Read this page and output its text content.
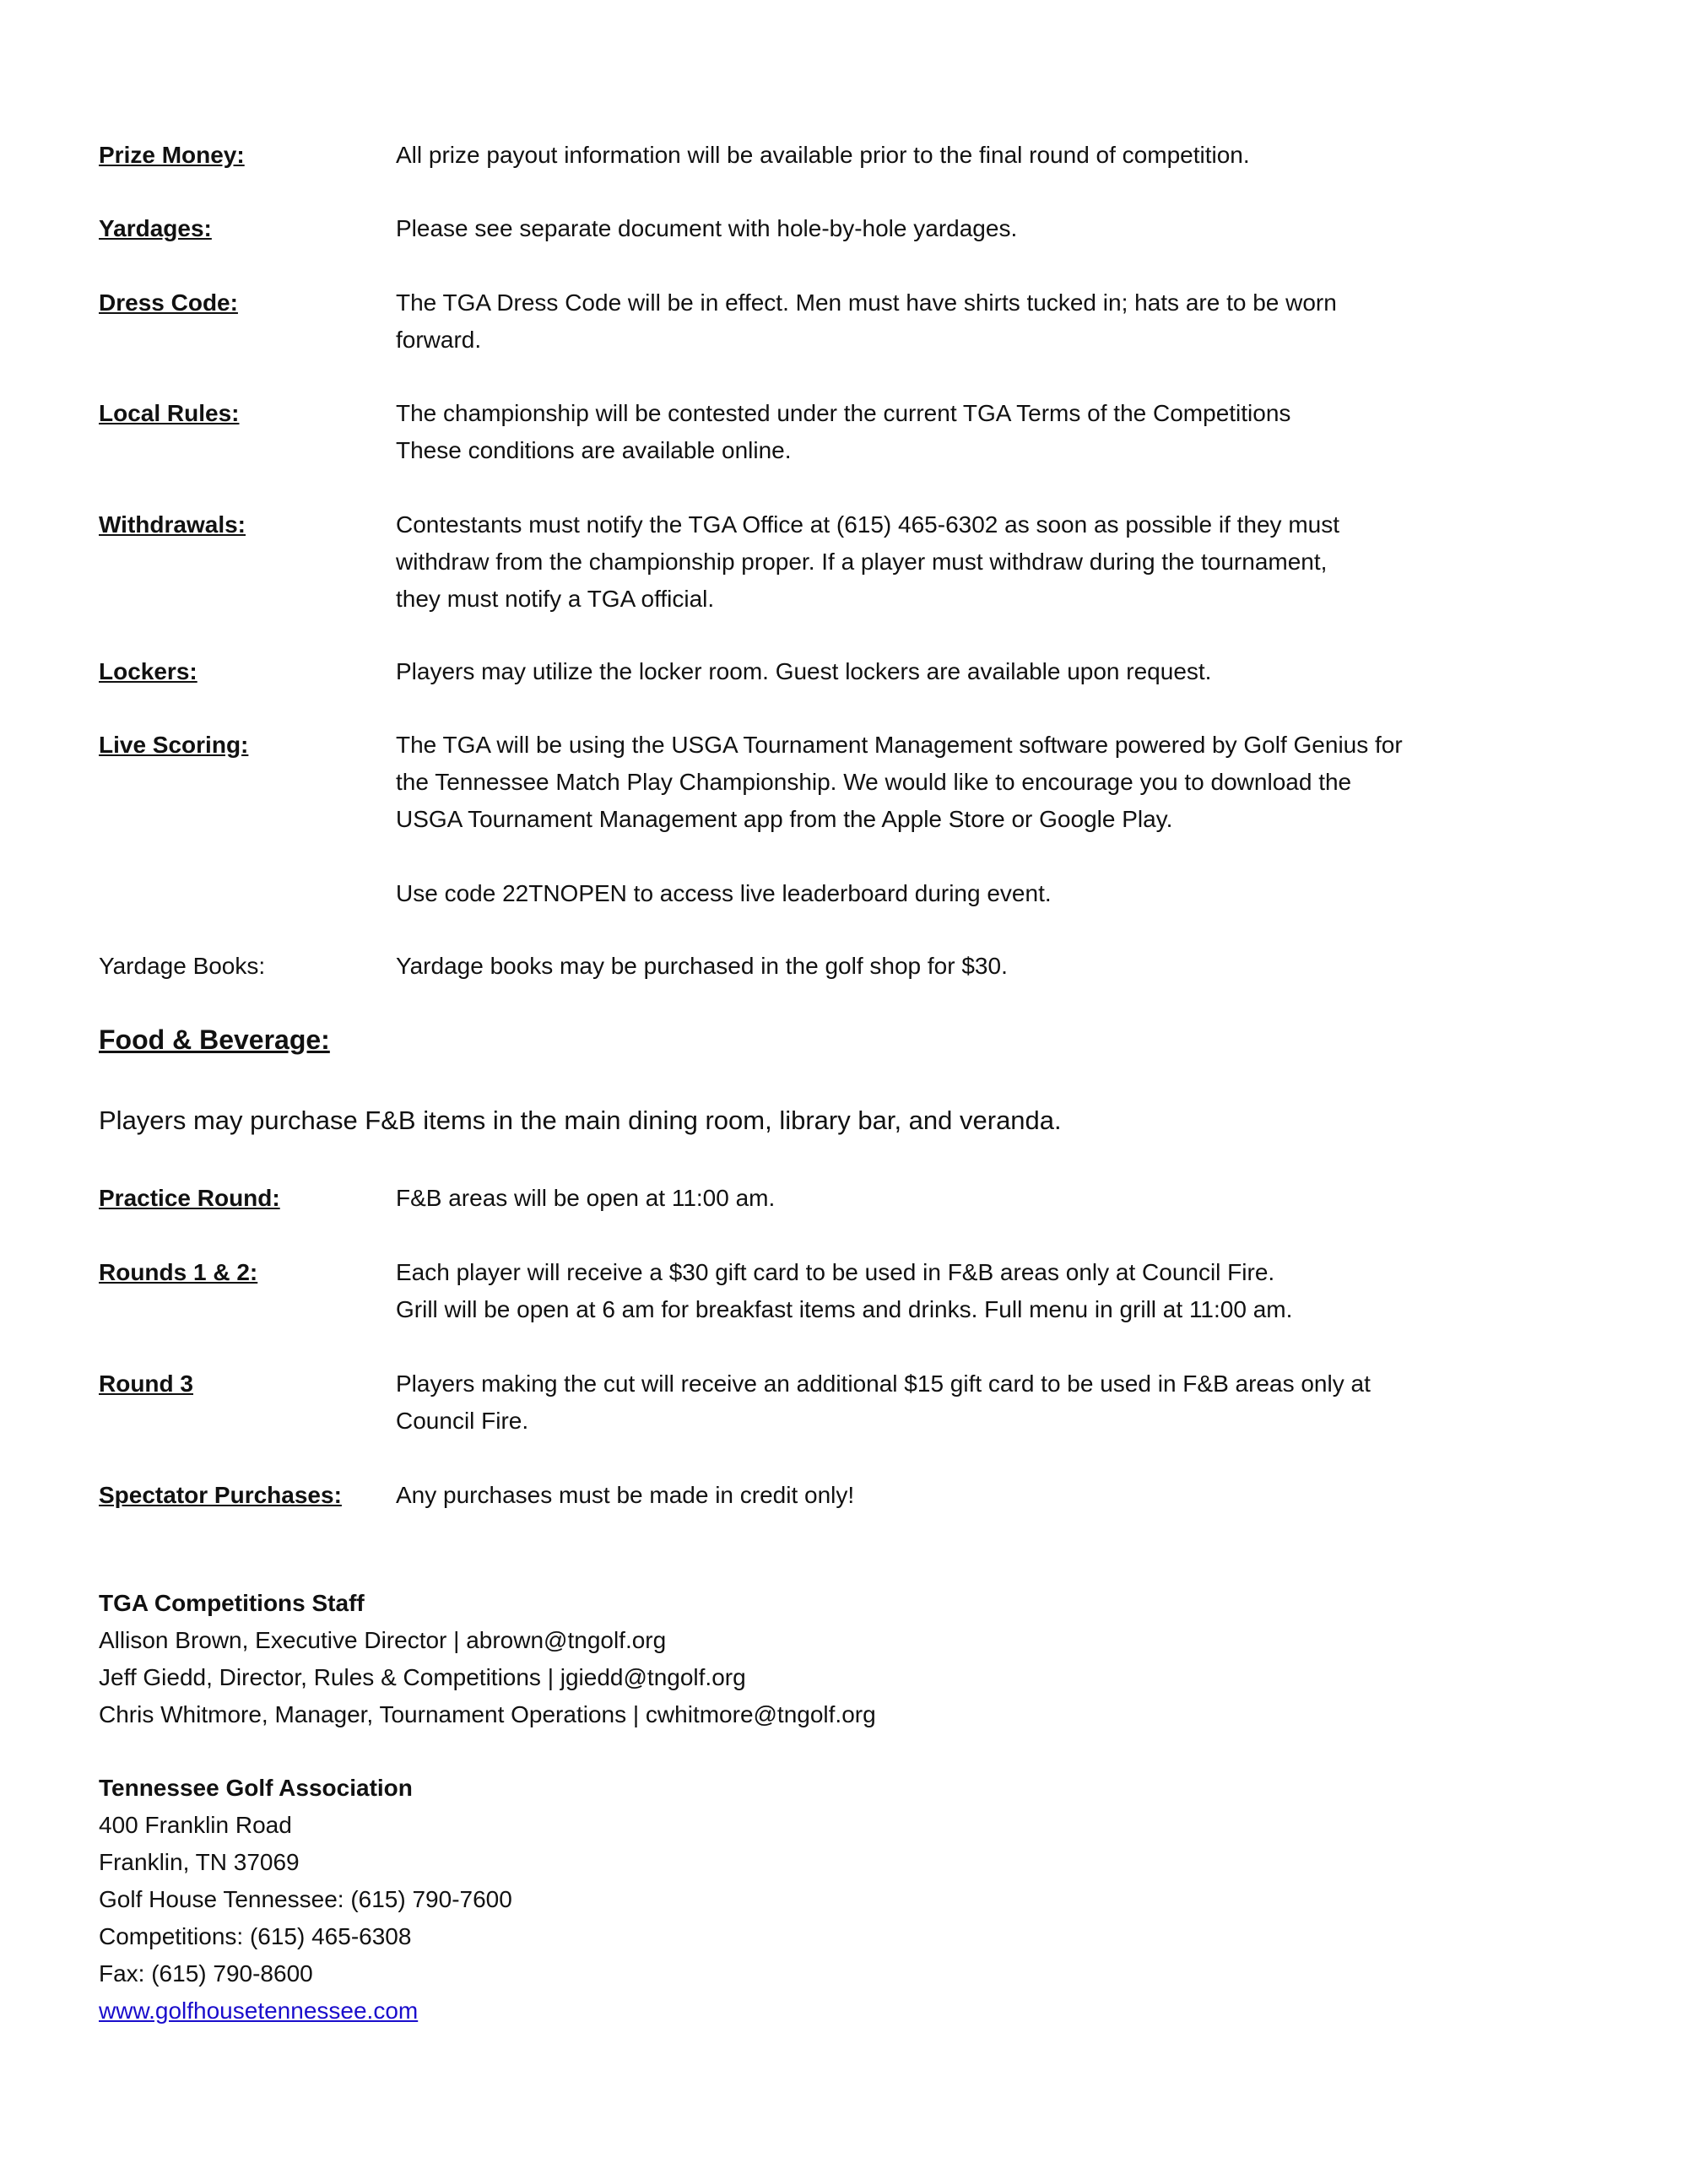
Prize Money:	All prize payout information will be available prior to the final round of competition.
Yardages:	Please see separate document with hole-by-hole yardages.
Dress Code:	The TGA Dress Code will be in effect. Men must have shirts tucked in; hats are to be worn
forward.
Local Rules:	The championship will be contested under the current TGA Terms of the Competitions
These conditions are available online.
Withdrawals:	Contestants must notify the TGA Office at (615) 465-6302 as soon as possible if they must
withdraw from the championship proper. If a player must withdraw during the tournament,
they must notify a TGA official.
Lockers:	Players may utilize the locker room. Guest lockers are available upon request.
Live Scoring:	The TGA will be using the USGA Tournament Management software powered by Golf Genius for
the Tennessee Match Play Championship. We would like to encourage you to download the
USGA Tournament Management app from the Apple Store or Google Play.
Use code 22TNOPEN to access live leaderboard during event.
Yardage Books:	Yardage books may be purchased in the golf shop for $30.
Food & Beverage:
Players may purchase F&B items in the main dining room, library bar, and veranda.
Practice Round:	F&B areas will be open at 11:00 am.
Rounds 1 & 2:	Each player will receive a $30 gift card to be used in F&B areas only at Council Fire.
Grill will be open at 6 am for breakfast items and drinks. Full menu in grill at 11:00 am.
Round 3	Players making the cut will receive an additional $15 gift card to be used in F&B areas only at
Council Fire.
Spectator Purchases: Any purchases must be made in credit only!
TGA Competitions Staff
Allison Brown, Executive Director | abrown@tngolf.org
Jeff Giedd, Director, Rules & Competitions | jgiedd@tngolf.org
Chris Whitmore, Manager, Tournament Operations | cwhitmore@tngolf.org
Tennessee Golf Association
400 Franklin Road
Franklin, TN 37069
Golf House Tennessee: (615) 790-7600
Competitions: (615) 465-6308
Fax: (615) 790-8600
www.golfhousetennessee.com
